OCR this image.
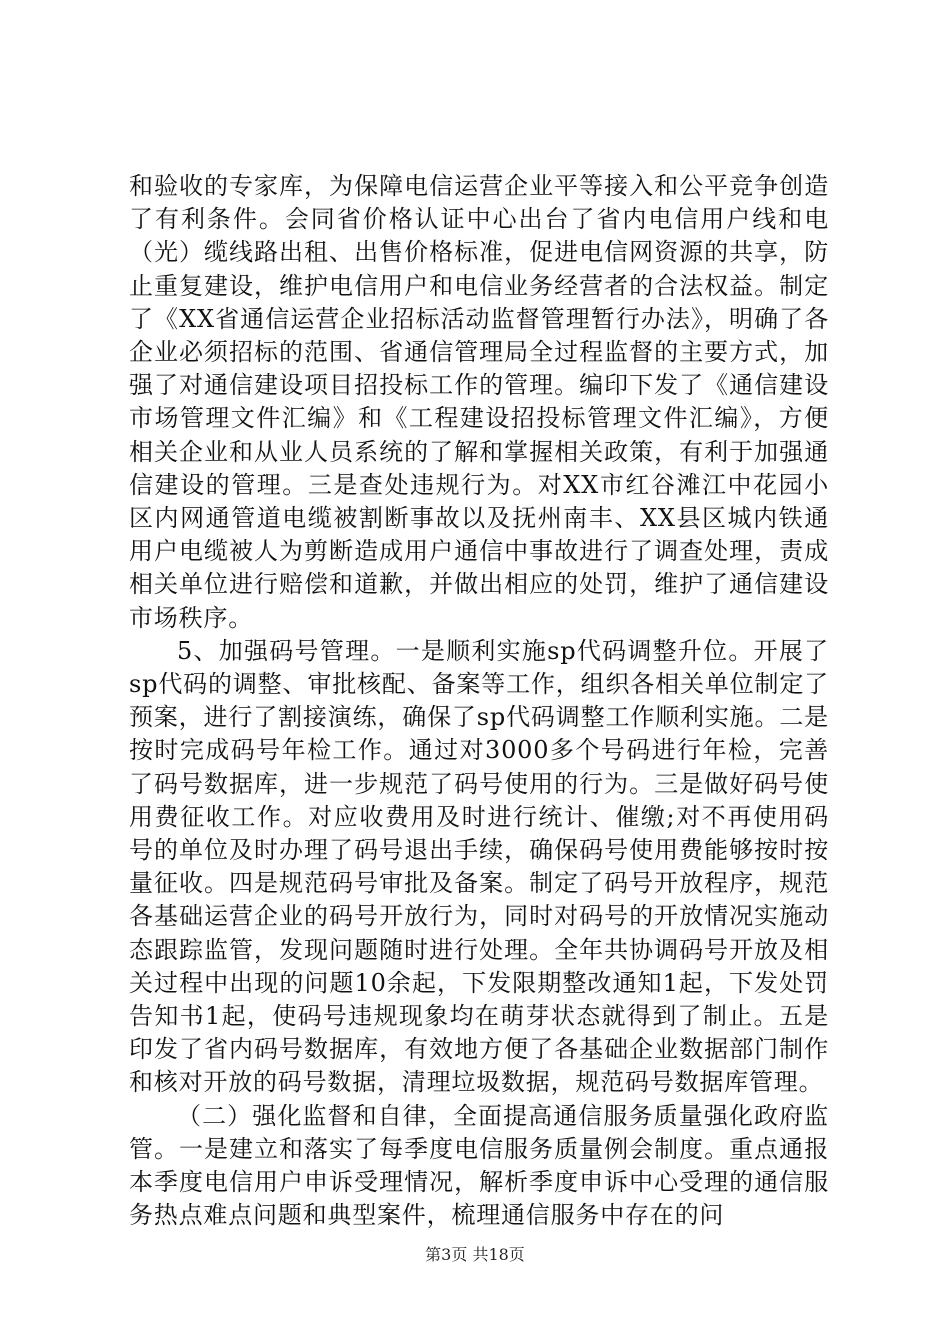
和验收的专家库，为保障电信运营企业平等接入和公平竞争创造了有利条件。会同省价格认证中心出台了省内电信用户线和电（光）缆线路出租、出售价格标准，促进电信网资源的共享，防止重复建设，维护电信用户和电信业务经营者的合法权益。制定了《XX省通信运营企业招标活动监督管理暂行办法》，明确了各企业必须招标的范围、省通信管理局全过程监督的主要方式，加强了对通信建设项目招投标工作的管理。编印下发了《通信建设市场管理文件汇编》和《工程建设招投标管理文件汇编》，方便相关企业和从业人员系统的了解和掌握相关政策，有利于加强通信建设的管理。三是查处违规行为。对XX市红谷滩江中花园小区内网通管道电缆被割断事故以及抚州南丰、XX县区城内铁通用户电缆被人为剪断造成用户通信中事故进行了调查处理，责成相关单位进行赔偿和道歉，并做出相应的处罚，维护了通信建设市场秩序。

5、加强码号管理。一是顺利实施sp代码调整升位。开展了sp代码的调整、审批核配、备案等工作，组织各相关单位制定了预案，进行了割接演练，确保了sp代码调整工作顺利实施。二是按时完成码号年检工作。通过对3000多个号码进行年检，完善了码号数据库，进一步规范了码号使用的行为。三是做好码号使用费征收工作。对应收费用及时进行统计、催缴;对不再使用码号的单位及时办理了码号退出手续，确保码号使用费能够按时按量征收。四是规范码号审批及备案。制定了码号开放程序，规范各基础运营企业的码号开放行为，同时对码号的开放情况实施动态跟踪监管，发现问题随时进行处理。全年共协调码号开放及相关过程中出现的问题10余起，下发限期整改通知1起，下发处罚告知书1起，使码号违规现象均在萌芽状态就得到了制止。五是印发了省内码号数据库，有效地方便了各基础企业数据部门制作和核对开放的码号数据，清理垃圾数据，规范码号数据库管理。

（二）强化监督和自律，全面提高通信服务质量强化政府监管。一是建立和落实了每季度电信服务质量例会制度。重点通报本季度电信用户申诉受理情况，解析季度申诉中心受理的通信服务热点难点问题和典型案件，梳理通信服务中存在的问

第3页 共18页
